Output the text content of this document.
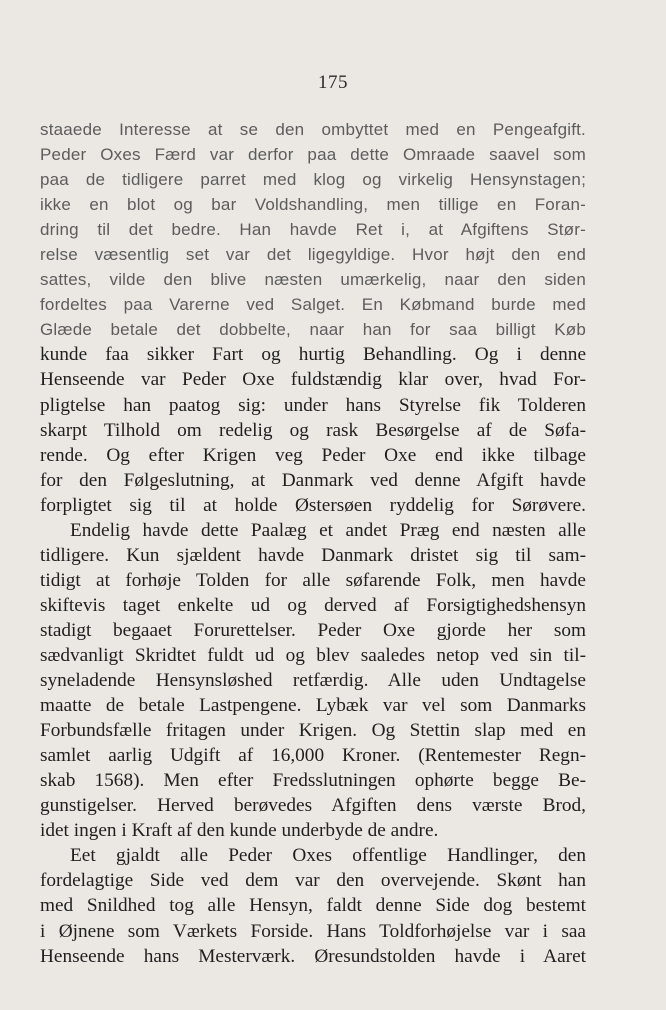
175
staaede Interesse at se den ombyttet med en Pengeafgift.
Peder Oxes Færd var derfor paa dette Omraade saavel som
paa de tidligere parret med klog og virkelig Hensynstagen;
ikke en blot og bar Voldshandling, men tillige en Foran-
dring til det bedre. Han havde Ret i, at Afgiftens Stør-
relse væsentlig set var det ligegyldige. Hvor højt den end
sattes, vilde den blive næsten umærkelig, naar den siden
fordeltes paa Varerne ved Salget. En Købmand burde med
Glæde betale det dobbelte, naar han for saa billigt Køb
kunde faa sikker Fart og hurtig Behandling. Og i denne
Henseende var Peder Oxe fuldstændig klar over, hvad For-
pligtelse han paatog sig: under hans Styrelse fik Tolderen
skarpt Tilhold om redelig og rask Besørgelse af de Søfa-
rende. Og efter Krigen veg Peder Oxe end ikke tilbage
for den Følgeslutning, at Danmark ved denne Afgift havde
forpligtet sig til at holde Østersøen ryddelig for Sørøvere.
Endelig havde dette Paalæg et andet Præg end næsten alle
tidligere. Kun sjældent havde Danmark dristet sig til sam-
tidigt at forhøje Tolden for alle søfarende Folk, men havde
skiftevis taget enkelte ud og derved af Forsigtighedshensyn
stadigt begaaet Forurettelser. Peder Oxe gjorde her som
sædvanligt Skridtet fuldt ud og blev saaledes netop ved sin til-
syneladende Hensynsløshed retfærdig. Alle uden Undtagelse
maatte de betale Lastpengene. Lybæk var vel som Danmarks
Forbundsfælle fritagen under Krigen. Og Stettin slap med en
samlet aarlig Udgift af 16,000 Kroner. (Rentemester Regn-
skab 1568). Men efter Fredsslutningen ophørte begge Be-
gunstigelser. Herved berøvedes Afgiften dens værste Brod,
idet ingen i Kraft af den kunde underbyde de andre.
Eet gjaldt alle Peder Oxes offentlige Handlinger, den
fordelagtige Side ved dem var den overvejende. Skønt han
med Snildhed tog alle Hensyn, faldt denne Side dog bestemt
i Øjnene som Værkets Forside. Hans Toldforhøjelse var i saa
Henseende hans Mesterværk. Øresundstolden havde i Aaret
